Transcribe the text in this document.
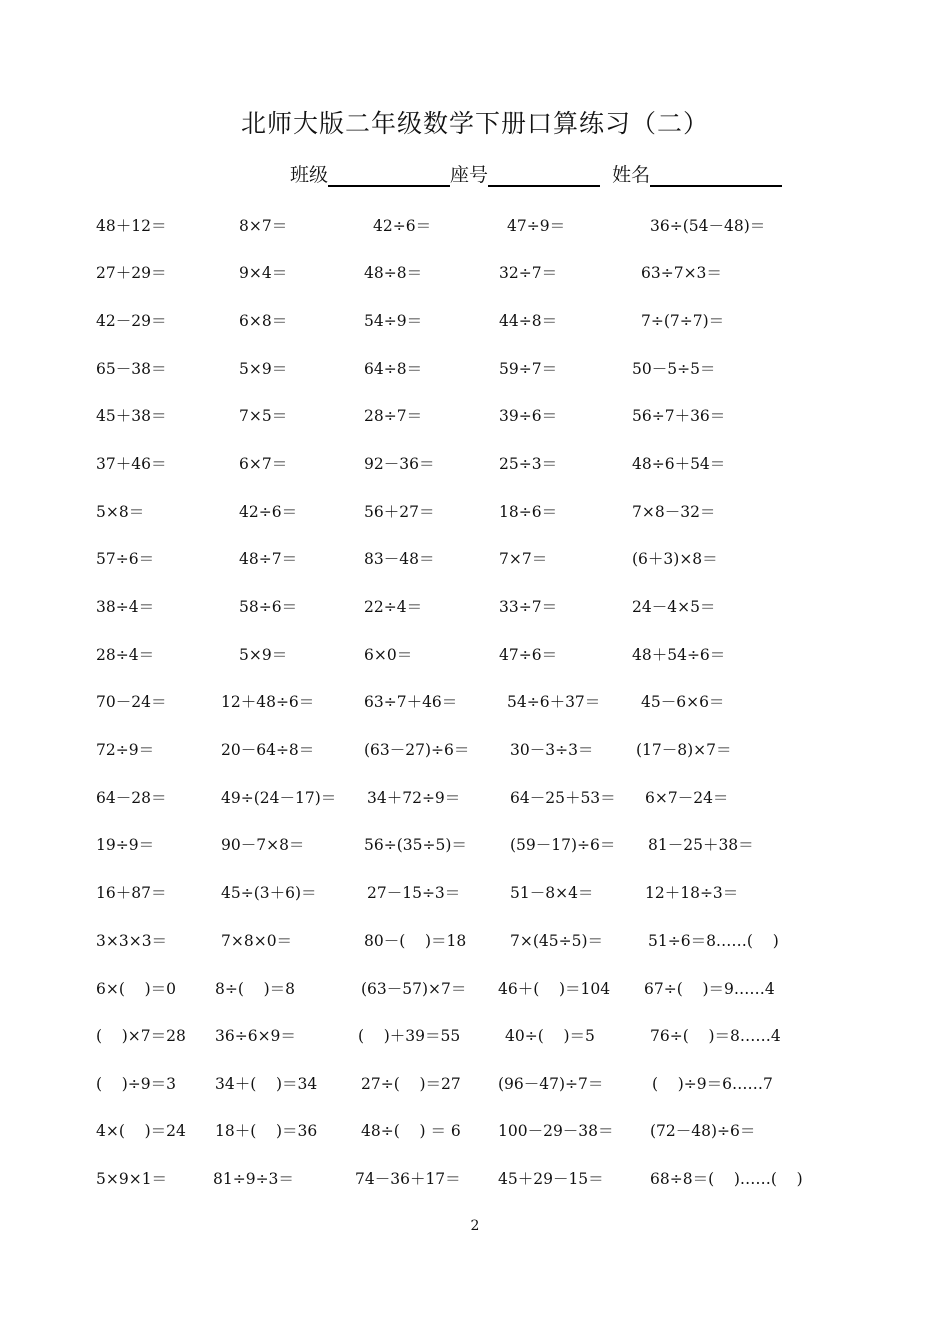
北师大版二年级数学下册口算练习（二）
班级	座号	姓名
48＋12＝	8×7＝	42÷6＝	47÷9＝	36÷(54－48)＝
27＋29＝	9×4＝	48÷8＝	32÷7＝	63÷7×3＝
42－29＝	6×8＝	54÷9＝	44÷8＝	7÷(7÷7)＝
65－38＝	5×9＝	64÷8＝	59÷7＝	50－5÷5＝
45＋38＝	7×5＝	28÷7＝	39÷6＝	56÷7＋36＝
37＋46＝	6×7＝	92－36＝	25÷3＝	48÷6＋54＝
5×8＝	42÷6＝	56＋27＝	18÷6＝	7×8－32＝
57÷6＝	48÷7＝	83－48＝	7×7＝	(6＋3)×8＝
38÷4＝	58÷6＝	22÷4＝	33÷7＝	24－4×5＝
28÷4＝	5×9＝	6×0＝	47÷6＝	48＋54÷6＝
70－24＝	12＋48÷6＝	63÷7＋46＝	54÷6＋37＝	45－6×6＝
72÷9＝	20－64÷8＝	(63－27)÷6＝	30－3÷3＝	(17－8)×7＝
64－28＝	49÷(24－17)＝ 34＋72÷9＝	64－25＋53＝ 6×7－24＝
19÷9＝	90－7×8＝	56÷(35÷5)＝	(59－17)÷6＝ 81－25＋38＝
16＋87＝	45÷(3＋6)＝	27－15÷3＝	51－8×4＝	12＋18÷3＝
3×3×3＝	7×8×0＝	80－(    )＝18	7×(45÷5)＝	51÷6＝8……(    )
6×(    )＝0	8÷(    )＝8	(63－57)×7＝ 46＋(    )＝104 67÷(    )＝9……4
(    )×7＝28 36÷6×9＝	(    )＋39＝55	40÷(    )＝5	76÷(    )＝8……4
(    )÷9＝3	34＋(    )＝34	27÷(    )＝27 (96－47)÷7＝	(    )÷9＝6……7
4×(    )＝24 18＋(    )＝36	48÷(    ) ＝ 6 100－29－38＝ (72－48)÷6＝
5×9×1＝	81÷9÷3＝	74－36＋17＝ 45＋29－15＝	68÷8＝(    )……(    )
2
